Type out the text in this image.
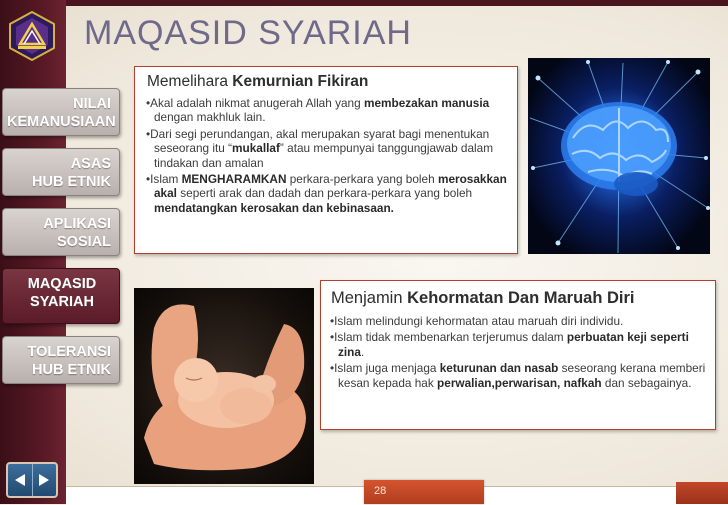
MAQASID SYARIAH
NILAI
KEMANUSIAAN
ASAS
HUB ETNIK
APLIKASI
SOSIAL
MAQASID
SYARIAH
TOLERANSI
HUB ETNIK
Memelihara Kemurnian Fikiran
•Akal adalah nikmat anugerah Allah yang membezakan manusia dengan makhluk lain.
•Dari segi perundangan, akal merupakan syarat bagi menentukan seseorang itu “mukallaf” atau mempunyai tanggungjawab dalam tindakan dan amalan
•Islam MENGHARAMKAN perkara-perkara yang boleh merosakkan akal seperti arak dan dadah dan perkara-perkara yang boleh mendatangkan kerosakan dan kebinasaan.
Menjamin Kehormatan Dan Maruah Diri
•Islam melindungi kehormatan atau maruah diri individu.
•Islam tidak membenarkan terjerumus dalam perbuatan keji seperti zina.
•Islam juga menjaga keturunan dan nasab seseorang kerana memberi kesan kepada hak perwalian,perwarisan, nafkah dan sebagainya.
28
